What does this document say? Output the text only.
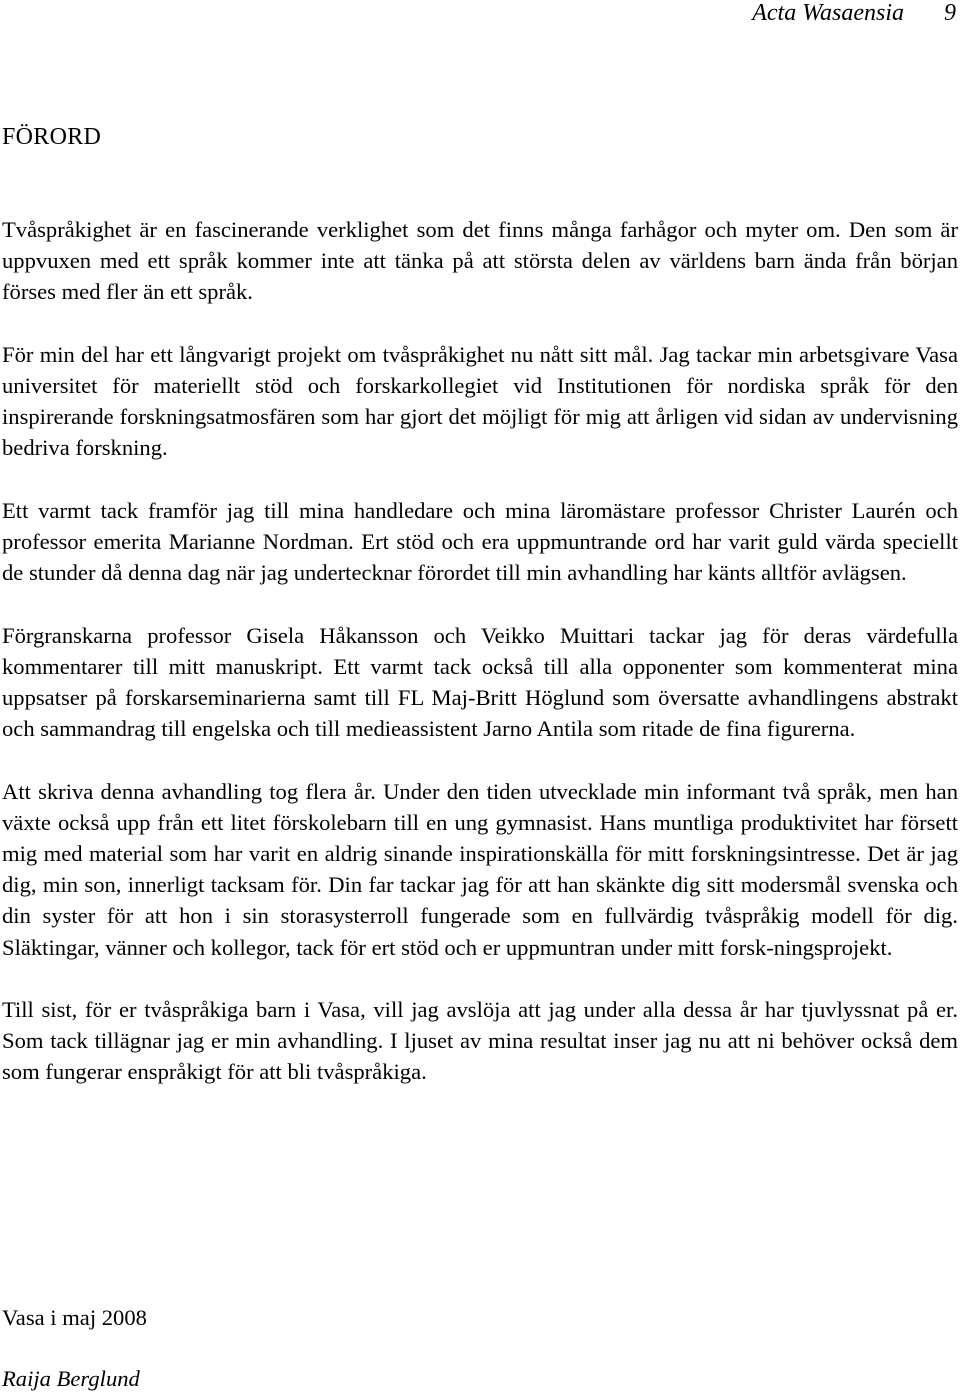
Acta Wasaensia 9
FÖRORD

Tvåspråkighet är en fascinerande verklighet som det finns många farhågor och myter om. Den som är uppvuxen med ett språk kommer inte att tänka på att största delen av världens barn ända från början förses med fler än ett språk.

För min del har ett långvarigt projekt om tvåspråkighet nu nått sitt mål. Jag tackar min arbetsgivare Vasa universitet för materiellt stöd och forskarkollegiet vid Institutionen för nordiska språk för den inspirerande forskningsatmosfären som har gjort det möjligt för mig att årligen vid sidan av undervisning bedriva forskning.

Ett varmt tack framför jag till mina handledare och mina läromästare professor Christer Laurén och professor emerita Marianne Nordman. Ert stöd och era uppmuntrande ord har varit guld värda speciellt de stunder då denna dag när jag undertecknar förordet till min avhandling har känts alltför avlägsen.

Förgranskarna professor Gisela Håkansson och Veikko Muittari tackar jag för deras värdefulla kommentarer till mitt manuskript. Ett varmt tack också till alla opponenter som kommenterat mina uppsatser på forskarseminarierna samt till FL Maj-Britt Höglund som översatte avhandlingens abstrakt och sammandrag till engelska och till medieassistent Jarno Antila som ritade de fina figurerna.

Att skriva denna avhandling tog flera år. Under den tiden utvecklade min informant två språk, men han växte också upp från ett litet förskolebarn till en ung gymnasist. Hans muntliga produktivitet har försett mig med material som har varit en aldrig sinande inspirationskälla för mitt forskningsintresse. Det är jag dig, min son, innerligt tacksam för. Din far tackar jag för att han skänkte dig sitt modersmål svenska och din syster för att hon i sin storasysterroll fungerade som en fullvärdig tvåspråkig modell för dig. Släktingar, vänner och kollegor, tack för ert stöd och er uppmuntran under mitt forsk-ningsprojekt.

Till sist, för er tvåspråkiga barn i Vasa, vill jag avslöja att jag under alla dessa år har tjuvlyssnat på er. Som tack tillägnar jag er min avhandling. I ljuset av mina resultat inser jag nu att ni behöver också dem som fungerar enspråkigt för att bli tvåspråkiga.

Vasa i maj 2008
Raija Berglund
